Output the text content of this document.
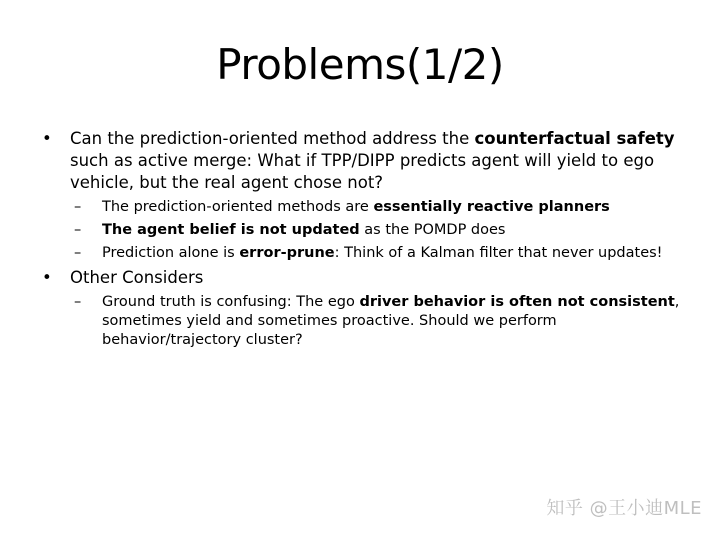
Problems(1/2)
• Can the prediction-oriented method address the counterfactual safety such as active merge: What if TPP/DIPP predicts agent will yield to ego vehicle, but the real agent chose not?
– The prediction-oriented methods are essentially reactive planners
– The agent belief is not updated as the POMDP does
– Prediction alone is error-prune: Think of a Kalman filter that never updates!
• Other Considers
– Ground truth is confusing: The ego driver behavior is often not consistent, sometimes yield and sometimes proactive. Should we perform behavior/trajectory cluster?
知乎 @王小迪MLE
